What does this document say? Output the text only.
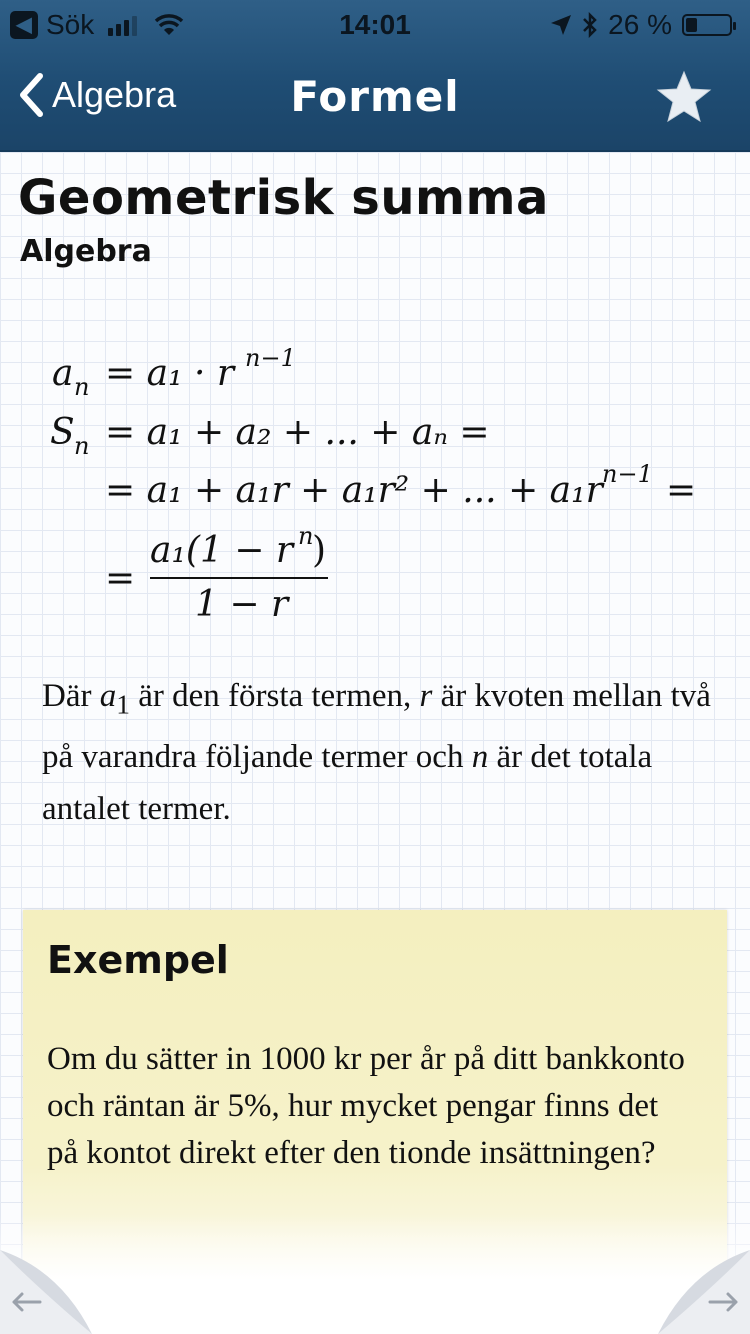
◀ Sök	14:01	26 %
Algebra	Formel
Geometrisk summa
Algebra
a n = a₁ · r n−1
S n = a₁ + a₂ + ... + aₙ =
= a₁ + a₁r + a₁r² + ... + a₁r n−1 =
=
a₁(1 − r n
)
1 − r
Där $a_1$ är den första termen, r är kvoten mellan två på varandra följande termer och n är det totala antalet termer.
Exempel
Om du sätter in 1000 kr per år på ditt bankkonto och räntan är 5%, hur mycket pengar finns det på kontot direkt efter den tionde insättningen?
